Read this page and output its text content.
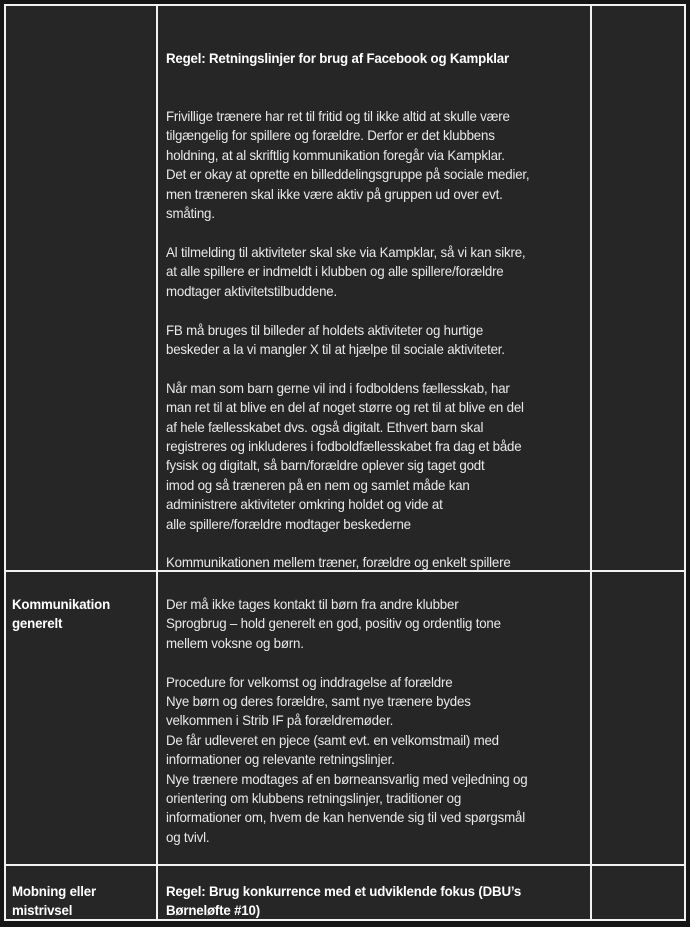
Regel: Retningslinjer for brug af Facebook og Kampklar

Frivillige trænere har ret til fritid og til ikke altid at skulle være
tilgængelig for spillere og forældre. Derfor er det klubbens
holdning, at al skriftlig kommunikation foregår via Kampklar.
Det er okay at oprette en billeddelingsgruppe på sociale medier,
men træneren skal ikke være aktiv på gruppen ud over evt.
småting.

Al tilmelding til aktiviteter skal ske via Kampklar, så vi kan sikre,
at alle spillere er indmeldt i klubben og alle spillere/forældre
modtager aktivitetstilbuddene.

FB må bruges til billeder af holdets aktiviteter og hurtige
beskeder a la vi mangler X til at hjælpe til sociale aktiviteter.

Når man som barn gerne vil ind i fodboldens fællesskab, har
man ret til at blive en del af noget større og ret til at blive en del
af hele fællesskabet dvs. også digitalt. Ethvert barn skal
registreres og inkluderes i fodboldfællesskabet fra dag et både
fysisk og digitalt, så barn/forældre oplever sig taget godt
imod og så træneren på en nem og samlet måde kan
administrere aktiviteter omkring holdet og vide at
alle spillere/forældre modtager beskederne

Kommunikationen mellem træner, forældre og enkelt spillere

Kommunikation
generelt
Der må ikke tages kontakt til børn fra andre klubber
Sprogbrug – hold generelt en god, positiv og ordentlig tone
mellem voksne og børn.

Procedure for velkomst og inddragelse af forældre
Nye børn og deres forældre, samt nye trænere bydes
velkommen i Strib IF på forældremøder.
De får udleveret en pjece (samt evt. en velkomstmail) med
informationer og relevante retningslinjer.
Nye trænere modtages af en børneansvarlig med vejledning og
orientering om klubbens retningslinjer, traditioner og
informationer om, hvem de kan henvende sig til ved spørgsmål
og tvivl.
Mobning eller
mistrivsel
Regel: Brug konkurrence med et udviklende fokus (DBU’s
Børneløfte #10)
